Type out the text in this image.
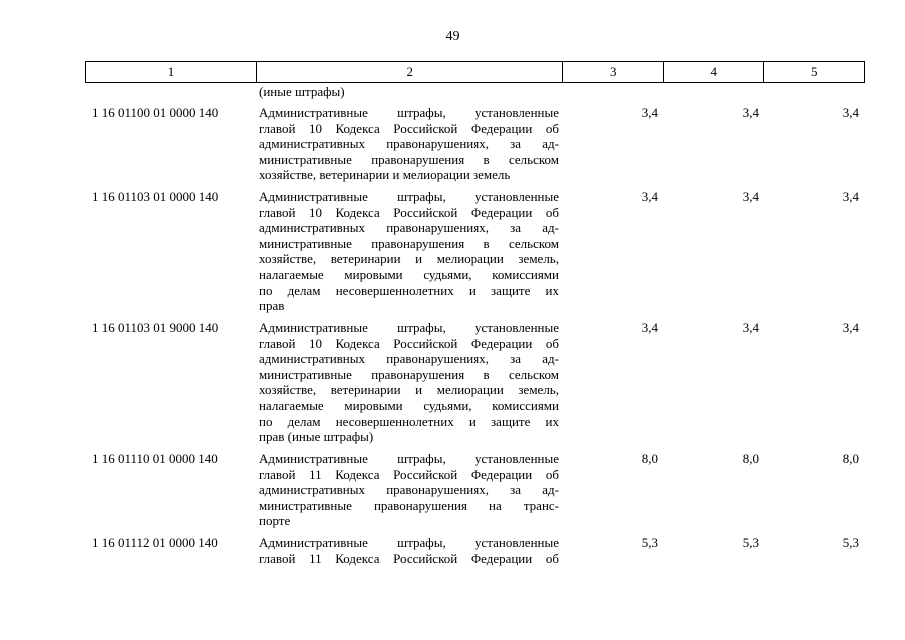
49
1	2	3	4	5
(иные штрафы)
1 16 01100 01 0000 140	Административные штрафы, установленные
главой 10 Кодекса Российской Федерации об
административных правонарушениях, за ад-
министративные правонарушения в сельском
хозяйстве, ветеринарии и мелиорации земель
3,4	3,4	3,4
1 16 01103 01 0000 140	Административные штрафы, установленные
главой 10 Кодекса Российской Федерации об
административных правонарушениях, за ад-
министративные правонарушения в сельском
хозяйстве, ветеринарии и мелиорации земель,
налагаемые мировыми судьями, комиссиями
по делам несовершеннолетних и защите их
прав
3,4	3,4	3,4
1 16 01103 01 9000 140	Административные штрафы, установленные
главой 10 Кодекса Российской Федерации об
административных правонарушениях, за ад-
министративные правонарушения в сельском
хозяйстве, ветеринарии и мелиорации земель,
налагаемые мировыми судьями, комиссиями
по делам несовершеннолетних и защите их
прав (иные штрафы)
3,4	3,4	3,4
1 16 01110 01 0000 140	Административные штрафы, установленные
главой 11 Кодекса Российской Федерации об
административных правонарушениях, за ад-
министративные правонарушения на транс-
порте
8,0	8,0	8,0
1 16 01112 01 0000 140	Административные штрафы, установленные
главой 11 Кодекса Российской Федерации об
5,3	5,3	5,3
